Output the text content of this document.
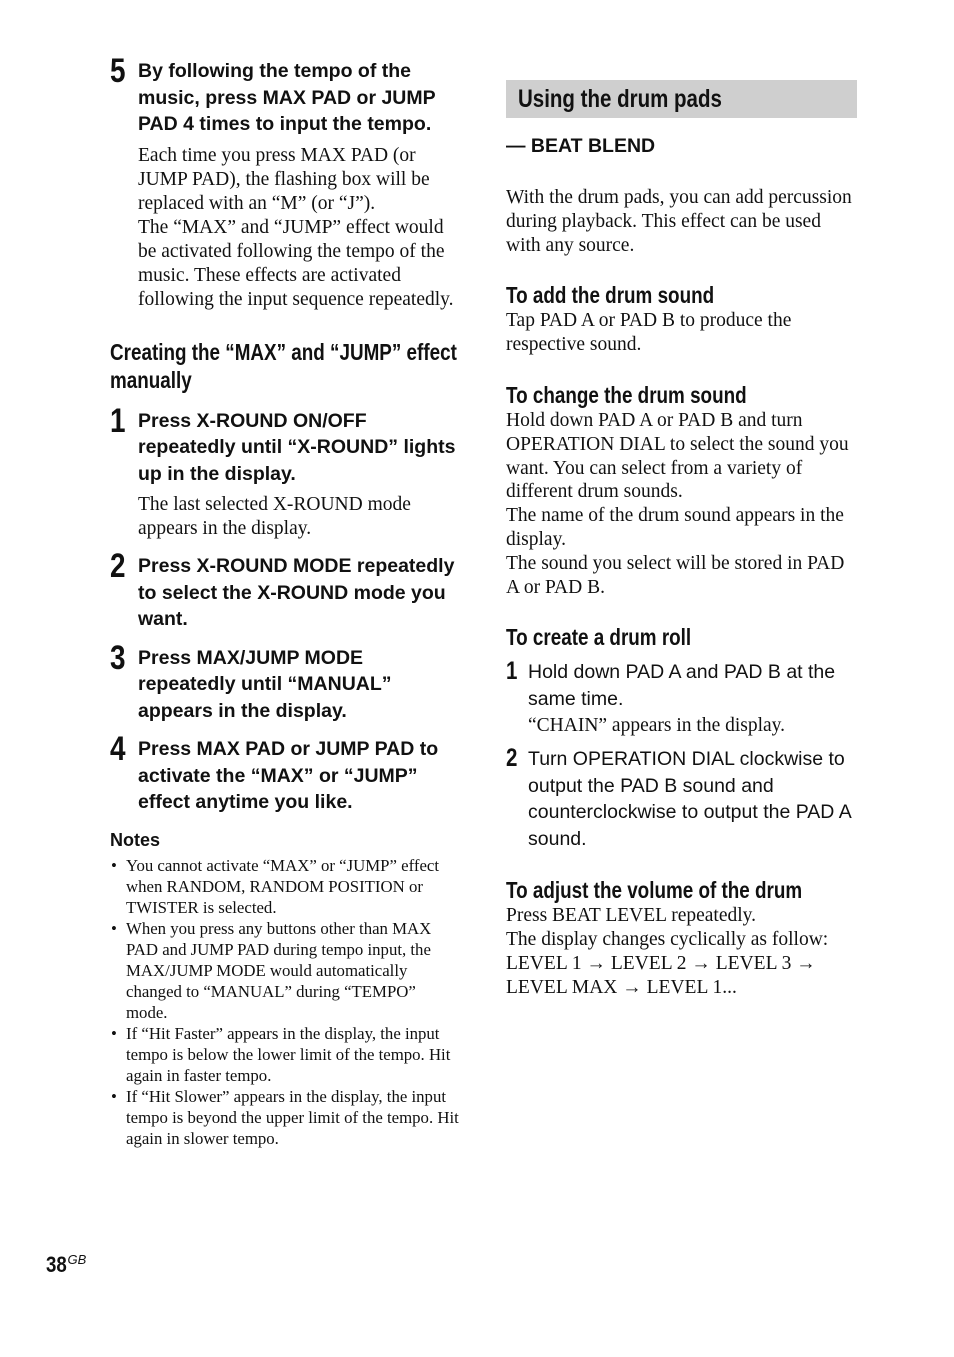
5 By following the tempo of the music, press MAX PAD or JUMP PAD 4 times to input the tempo.

Each time you press MAX PAD (or JUMP PAD), the flashing box will be replaced with an “M” (or “J”).

The “MAX” and “JUMP” effect would be activated following the tempo of the music. These effects are activated following the input sequence repeatedly.

Creating the “MAX” and “JUMP” effect manually

1 Press X-ROUND ON/OFF repeatedly until “X-ROUND” lights up in the display.

The last selected X-ROUND mode appears in the display.

2 Press X-ROUND MODE repeatedly to select the X-ROUND mode you want.

3 Press MAX/JUMP MODE repeatedly until “MANUAL” appears in the display.

4 Press MAX PAD or JUMP PAD to activate the “MAX” or “JUMP” effect anytime you like.

Notes

• You cannot activate “MAX” or “JUMP” effect when RANDOM, RANDOM POSITION or TWISTER is selected.
• When you press any buttons other than MAX PAD and JUMP PAD during tempo input, the MAX/JUMP MODE would automatically changed to “MANUAL” during “TEMPO” mode.
• If “Hit Faster” appears in the display, the input tempo is below the lower limit of the tempo. Hit again in faster tempo.
• If “Hit Slower” appears in the display, the input tempo is beyond the upper limit of the tempo. Hit again in slower tempo.

Using the drum pads

— BEAT BLEND

With the drum pads, you can add percussion during playback. This effect can be used with any source.

To add the drum sound

Tap PAD A or PAD B to produce the respective sound.

To change the drum sound

Hold down PAD A or PAD B and turn OPERATION DIAL to select the sound you want. You can select from a variety of different drum sounds.

The name of the drum sound appears in the display.

The sound you select will be stored in PAD A or PAD B.

To create a drum roll

1 Hold down PAD A and PAD B at the same time.

“CHAIN” appears in the display.

2 Turn OPERATION DIAL clockwise to output the PAD B sound and counterclockwise to output the PAD A sound.

To adjust the volume of the drum

Press BEAT LEVEL repeatedly.

The display changes cyclically as follow:

LEVEL 1 → LEVEL 2 → LEVEL 3 → LEVEL MAX → LEVEL 1...

$38^{GB}$
